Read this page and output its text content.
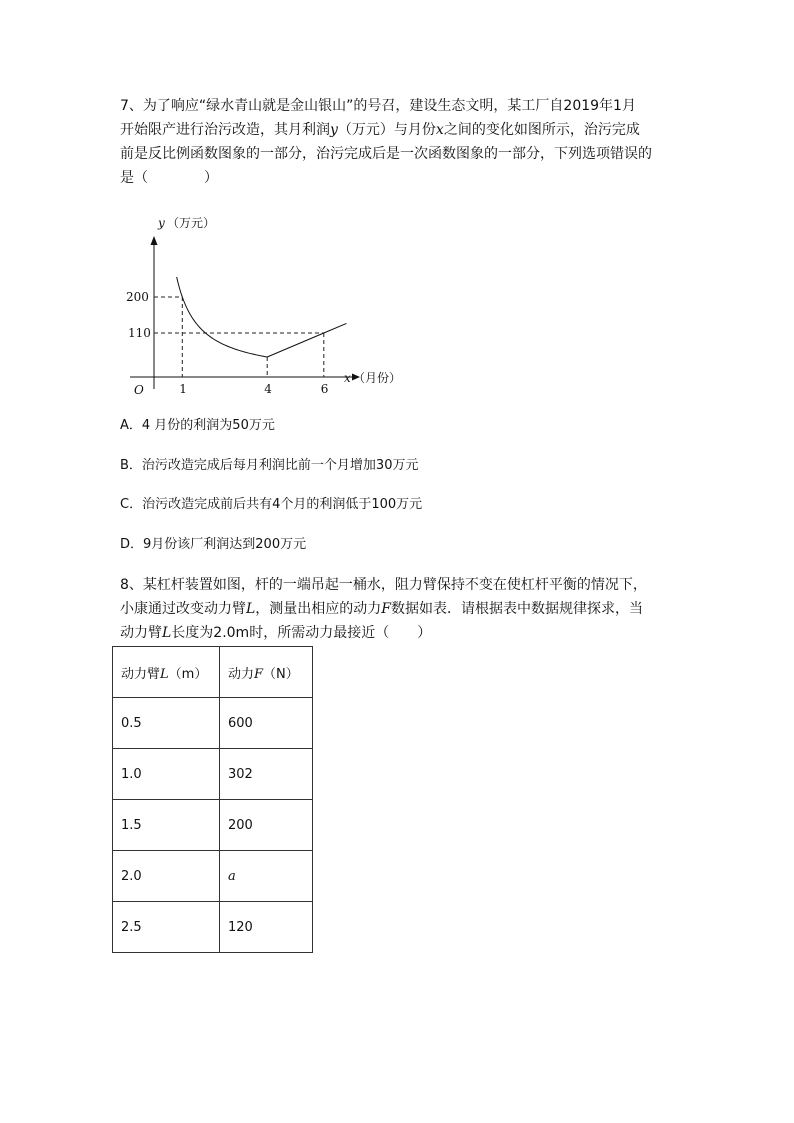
7、为了响应“绿水青山就是金山银山”的号召，建设生态文明，某工厂自2019年1月
开始限产进行治污改造，其月利润y（万元）与月份x之间的变化如图所示，治污完成
前是反比例函数图象的一部分，治污完成后是一次函数图象的一部分，下列选项错误的
是（　　　　）
1	4	6
200
110
O
y （万元）
x （月份）
A．4 月份的利润为50万元
B．治污改造完成后每月利润比前一个月增加30万元
C．治污改造完成前后共有4个月的利润低于100万元
D．9月份该厂利润达到200万元
8、某杠杆装置如图，杆的一端吊起一桶水，阻力臂保持不变在使杠杆平衡的情况下，
小康通过改变动力臂L，测量出相应的动力F数据如表．请根据表中数据规律探求，当
动力臂L长度为2.0m时，所需动力最接近（　　）
动力臂L（m）	动力F（N）
0.5	600
1.0	302
1.5	200
2.0	a
2.5	120
